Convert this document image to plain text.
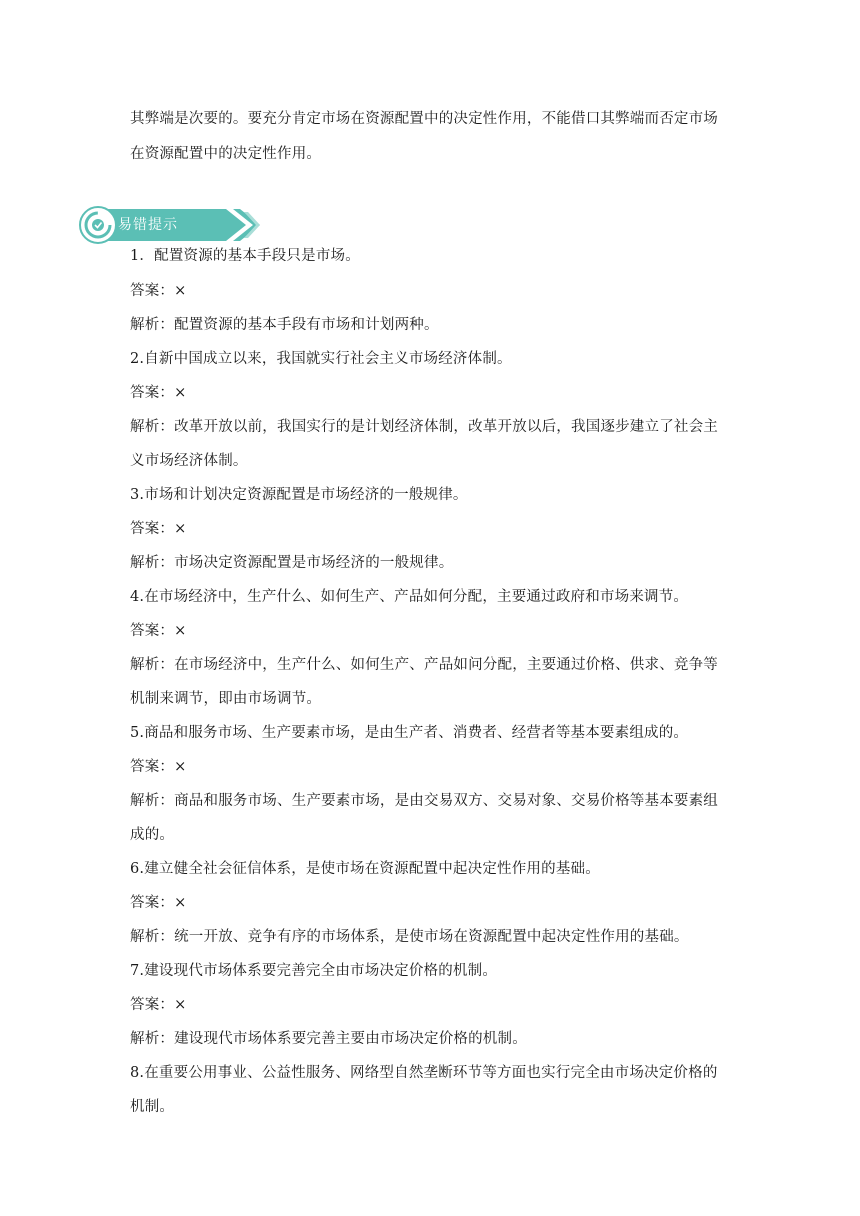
其弊端是次要的。要充分肯定市场在资源配置中的决定性作用，不能借口其弊端而否定市场
在资源配置中的决定性作用。
易错提示
1．配置资源的基本手段只是市场。
答案：×
解析：配置资源的基本手段有市场和计划两种。
2.自新中国成立以来，我国就实行社会主义市场经济体制。
答案：×
解析：改革开放以前，我国实行的是计划经济体制，改革开放以后，我国逐步建立了社会主
义市场经济体制。
3.市场和计划决定资源配置是市场经济的一般规律。
答案：×
解析：市场决定资源配置是市场经济的一般规律。
4.在市场经济中，生产什么、如何生产、产品如何分配，主要通过政府和市场来调节。
答案：×
解析：在市场经济中，生产什么、如何生产、产品如问分配，主要通过价格、供求、竞争等
机制来调节，即由市场调节。
5.商品和服务市场、生产要素市场，是由生产者、消费者、经营者等基本要素组成的。
答案：×
解析：商品和服务市场、生产要素市场，是由交易双方、交易对象、交易价格等基本要素组
成的。
6.建立健全社会征信体系，是使市场在资源配置中起决定性作用的基础。
答案：×
解析：统一开放、竞争有序的市场体系，是使市场在资源配置中起决定性作用的基础。
7.建设现代市场体系要完善完全由市场决定价格的机制。
答案：×
解析：建设现代市场体系要完善主要由市场决定价格的机制。
8.在重要公用事业、公益性服务、网络型自然垄断环节等方面也实行完全由市场决定价格的
机制。
